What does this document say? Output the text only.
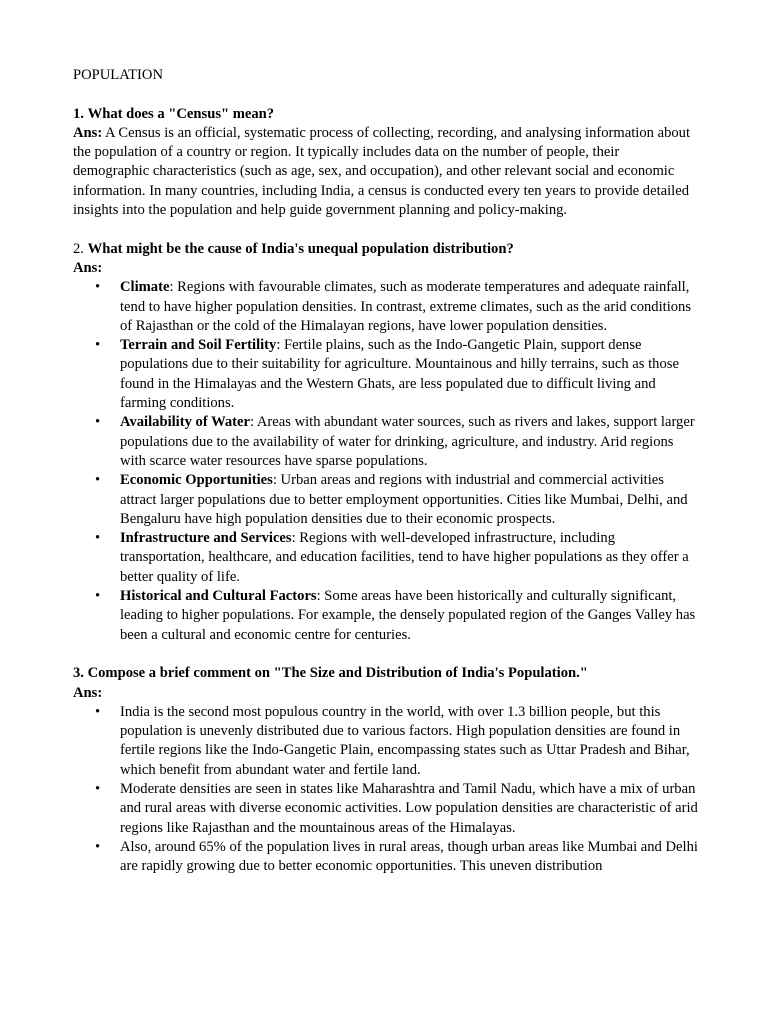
POPULATION
1. What does a "Census" mean?

Ans: A Census is an official, systematic process of collecting, recording, and analysing information about the population of a country or region. It typically includes data on the number of people, their demographic characteristics (such as age, sex, and occupation), and other relevant social and economic information. In many countries, including India, a census is conducted every ten years to provide detailed insights into the population and help guide government planning and policy-making.

2. What might be the cause of India's unequal population distribution?

Ans:

• Climate: Regions with favourable climates, such as moderate temperatures and adequate rainfall, tend to have higher population densities. In contrast, extreme climates, such as the arid conditions of Rajasthan or the cold of the Himalayan regions, have lower population densities.
• Terrain and Soil Fertility: Fertile plains, such as the Indo-Gangetic Plain, support dense populations due to their suitability for agriculture. Mountainous and hilly terrains, such as those found in the Himalayas and the Western Ghats, are less populated due to difficult living and farming conditions.
• Availability of Water: Areas with abundant water sources, such as rivers and lakes, support larger populations due to the availability of water for drinking, agriculture, and industry. Arid regions with scarce water resources have sparse populations.
• Economic Opportunities: Urban areas and regions with industrial and commercial activities attract larger populations due to better employment opportunities. Cities like Mumbai, Delhi, and Bengaluru have high population densities due to their economic prospects.
• Infrastructure and Services: Regions with well-developed infrastructure, including transportation, healthcare, and education facilities, tend to have higher populations as they offer a better quality of life.
• Historical and Cultural Factors: Some areas have been historically and culturally significant, leading to higher populations. For example, the densely populated region of the Ganges Valley has been a cultural and economic centre for centuries.
3. Compose a brief comment on "The Size and Distribution of India's Population."

Ans:

• India is the second most populous country in the world, with over 1.3 billion people, but this population is unevenly distributed due to various factors. High population densities are found in fertile regions like the Indo-Gangetic Plain, encompassing states such as Uttar Pradesh and Bihar, which benefit from abundant water and fertile land.
• Moderate densities are seen in states like Maharashtra and Tamil Nadu, which have a mix of urban and rural areas with diverse economic activities. Low population densities are characteristic of arid regions like Rajasthan and the mountainous areas of the Himalayas.
• Also, around 65% of the population lives in rural areas, though urban areas like Mumbai and Delhi are rapidly growing due to better economic opportunities. This uneven distribution
